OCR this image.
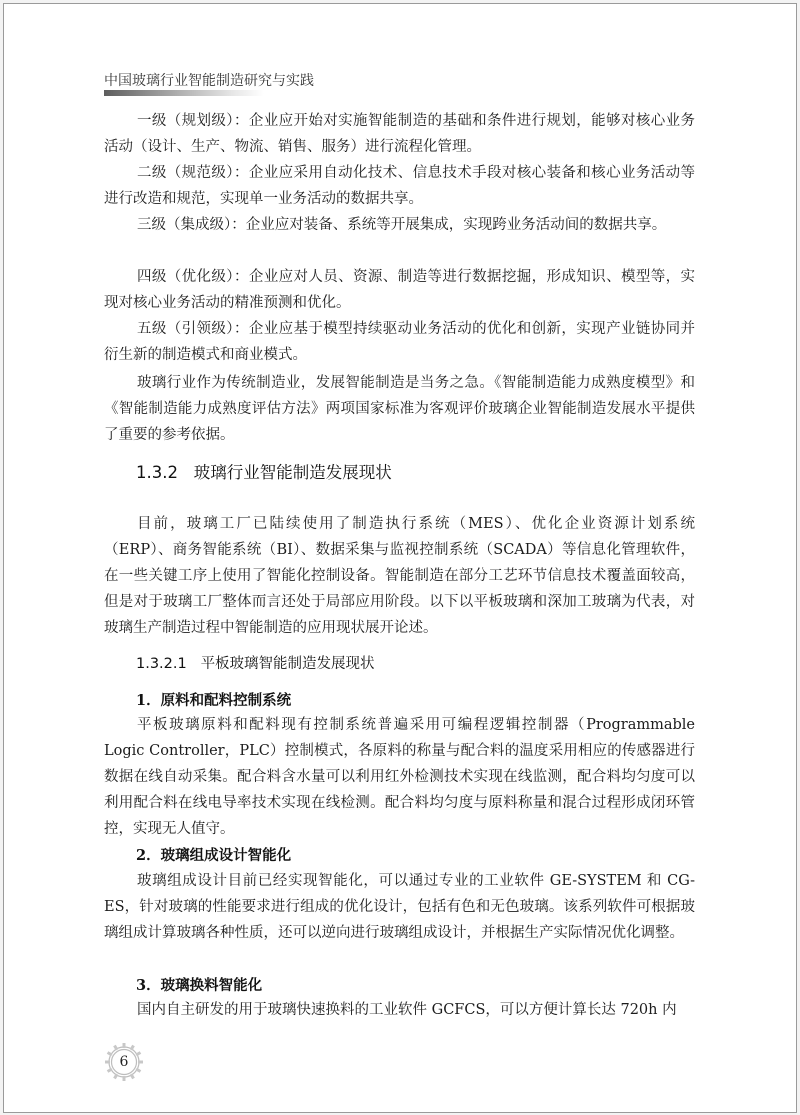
中国玻璃行业智能制造研究与实践

一级（规划级）：企业应开始对实施智能制造的基础和条件进行规划，能够对核心业务活动（设计、生产、物流、销售、服务）进行流程化管理。

二级（规范级）：企业应采用自动化技术、信息技术手段对核心装备和核心业务活动等进行改造和规范，实现单一业务活动的数据共享。

三级（集成级）：企业应对装备、系统等开展集成，实现跨业务活动间的数据共享。

四级（优化级）：企业应对人员、资源、制造等进行数据挖掘，形成知识、模型等，实现对核心业务活动的精准预测和优化。

五级（引领级）：企业应基于模型持续驱动业务活动的优化和创新，实现产业链协同并衍生新的制造模式和商业模式。

玻璃行业作为传统制造业，发展智能制造是当务之急。《智能制造能力成熟度模型》和《智能制造能力成熟度评估方法》两项国家标准为客观评价玻璃企业智能制造发展水平提供了重要的参考依据。

1.3.2 玻璃行业智能制造发展现状

目前，玻璃工厂已陆续使用了制造执行系统（MES）、优化企业资源计划系统（ERP）、商务智能系统（BI）、数据采集与监视控制系统（SCADA）等信息化管理软件，在一些关键工序上使用了智能化控制设备。智能制造在部分工艺环节信息技术覆盖面较高，但是对于玻璃工厂整体而言还处于局部应用阶段。以下以平板玻璃和深加工玻璃为代表，对玻璃生产制造过程中智能制造的应用现状展开论述。

1.3.2.1 平板玻璃智能制造发展现状
1．原料和配料控制系统

平板玻璃原料和配料现有控制系统普遍采用可编程逻辑控制器（Programmable Logic Controller，PLC）控制模式，各原料的称量与配合料的温度采用相应的传感器进行数据在线自动采集。配合料含水量可以利用红外检测技术实现在线监测，配合料均匀度可以利用配合料在线电导率技术实现在线检测。配合料均匀度与原料称量和混合过程形成闭环管控，实现无人值守。

2．玻璃组成设计智能化

玻璃组成设计目前已经实现智能化，可以通过专业的工业软件 GE-SYSTEM 和 CG-ES，针对玻璃的性能要求进行组成的优化设计，包括有色和无色玻璃。该系列软件可根据玻璃组成计算玻璃各种性质，还可以逆向进行玻璃组成设计，并根据生产实际情况优化调整。

3．玻璃换料智能化

国内自主研发的用于玻璃快速换料的工业软件 GCFCS，可以方便计算长达 720h 内

6
